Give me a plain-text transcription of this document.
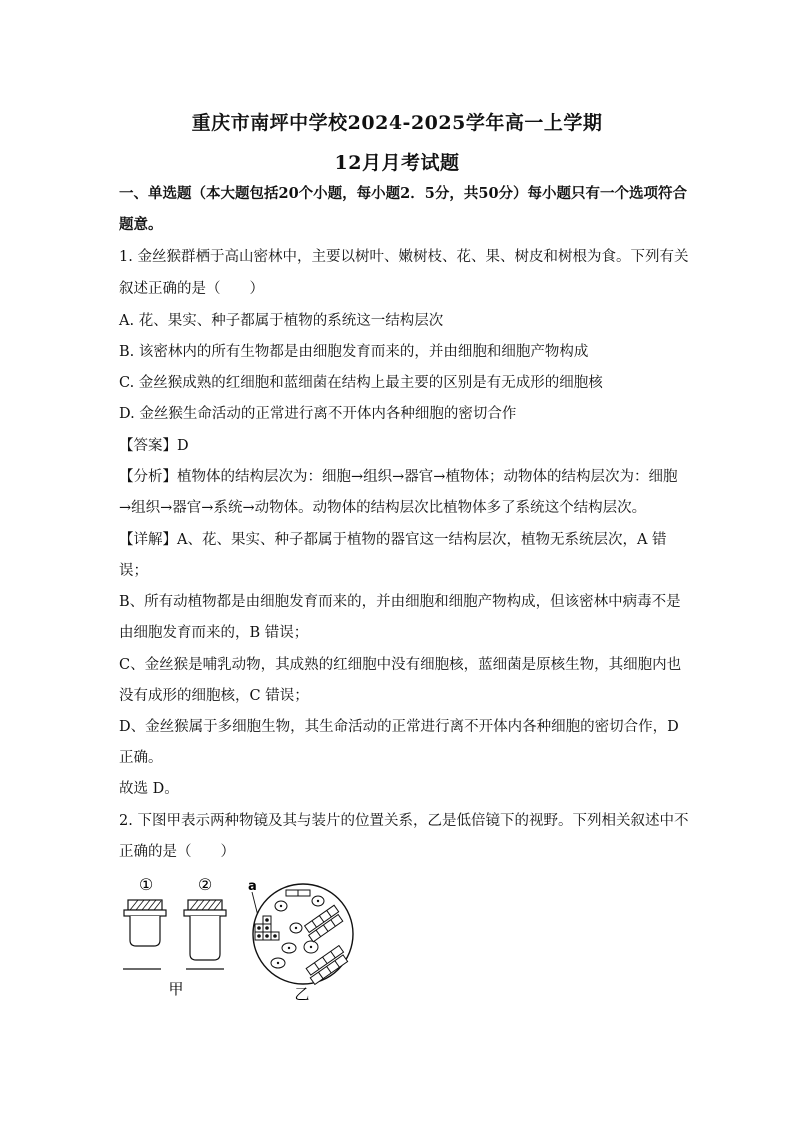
重庆市南坪中学校2024-2025学年高一上学期
12月月考试题
一、单选题（本大题包括20个小题，每小题2．5分，共50分）每小题只有一个选项符合
题意。
1. 金丝猴群栖于高山密林中，主要以树叶、嫩树枝、花、果、树皮和树根为食。下列有关
叙述正确的是（　　）
A. 花、果实、种子都属于植物的系统这一结构层次
B. 该密林内的所有生物都是由细胞发育而来的，并由细胞和细胞产物构成
C. 金丝猴成熟的红细胞和蓝细菌在结构上最主要的区别是有无成形的细胞核
D. 金丝猴生命活动的正常进行离不开体内各种细胞的密切合作
【答案】D
【分析】植物体的结构层次为：细胞→组织→器官→植物体；动物体的结构层次为：细胞
→组织→器官→系统→动物体。动物体的结构层次比植物体多了系统这个结构层次。
【详解】A、花、果实、种子都属于植物的器官这一结构层次，植物无系统层次，A 错
误；
B、所有动植物都是由细胞发育而来的，并由细胞和细胞产物构成，但该密林中病毒不是
由细胞发育而来的，B 错误；
C、金丝猴是哺乳动物，其成熟的红细胞中没有细胞核，蓝细菌是原核生物，其细胞内也
没有成形的细胞核，C 错误；
D、金丝猴属于多细胞生物，其生命活动的正常进行离不开体内各种细胞的密切合作，D
正确。
故选 D。
2. 下图甲表示两种物镜及其与装片的位置关系，乙是低倍镜下的视野。下列相关叙述中不
正确的是（　　）
①	②
甲
a
乙
